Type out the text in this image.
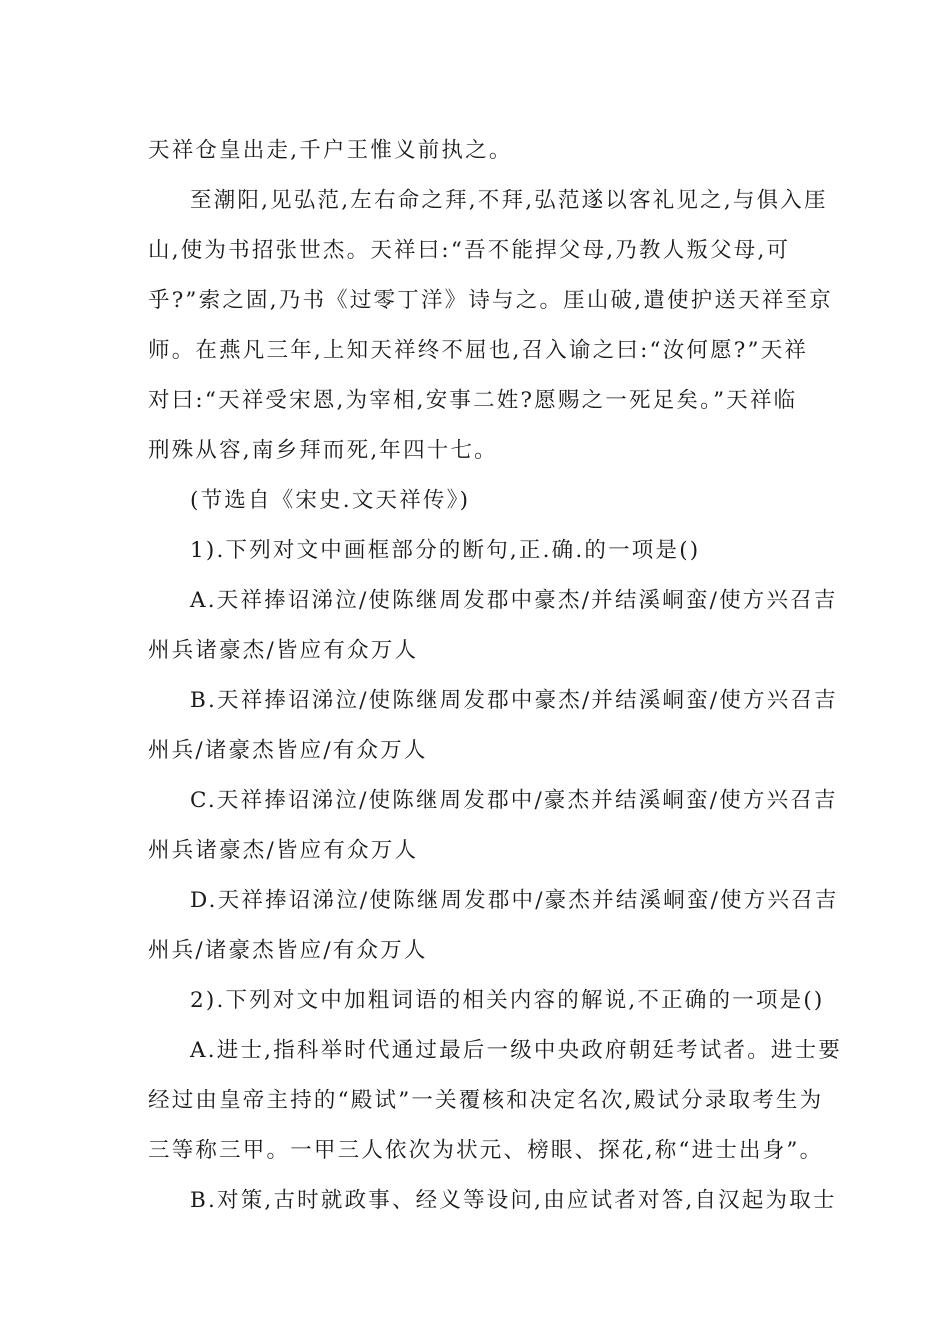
天祥仓皇出走,千户王惟义前执之。
至潮阳,见弘范,左右命之拜,不拜,弘范遂以客礼见之,与俱入厓
山,使为书招张世杰。天祥曰:“吾不能捍父母,乃教人叛父母,可
乎?”索之固,乃书《过零丁洋》诗与之。厓山破,遣使护送天祥至京
师。在燕凡三年,上知天祥终不屈也,召入谕之曰:“汝何愿?”天祥
对曰:“天祥受宋恩,为宰相,安事二姓?愿赐之一死足矣。”天祥临
刑殊从容,南乡拜而死,年四十七。
(节选自《宋史.文天祥传》)
1).下列对文中画框部分的断句,正.确.的一项是()
A.天祥捧诏涕泣/使陈继周发郡中豪杰/并结溪峒蛮/使方兴召吉
州兵诸豪杰/皆应有众万人
B.天祥捧诏涕泣/使陈继周发郡中豪杰/并结溪峒蛮/使方兴召吉
州兵/诸豪杰皆应/有众万人
C.天祥捧诏涕泣/使陈继周发郡中/豪杰并结溪峒蛮/使方兴召吉
州兵诸豪杰/皆应有众万人
D.天祥捧诏涕泣/使陈继周发郡中/豪杰并结溪峒蛮/使方兴召吉
州兵/诸豪杰皆应/有众万人
2).下列对文中加粗词语的相关内容的解说,不正确的一项是()
A.进士,指科举时代通过最后一级中央政府朝廷考试者。进士要
经过由皇帝主持的“殿试”一关覆核和决定名次,殿试分录取考生为
三等称三甲。一甲三人依次为状元、榜眼、探花,称“进士出身”。
B.对策,古时就政事、经义等设问,由应试者对答,自汉起为取士
